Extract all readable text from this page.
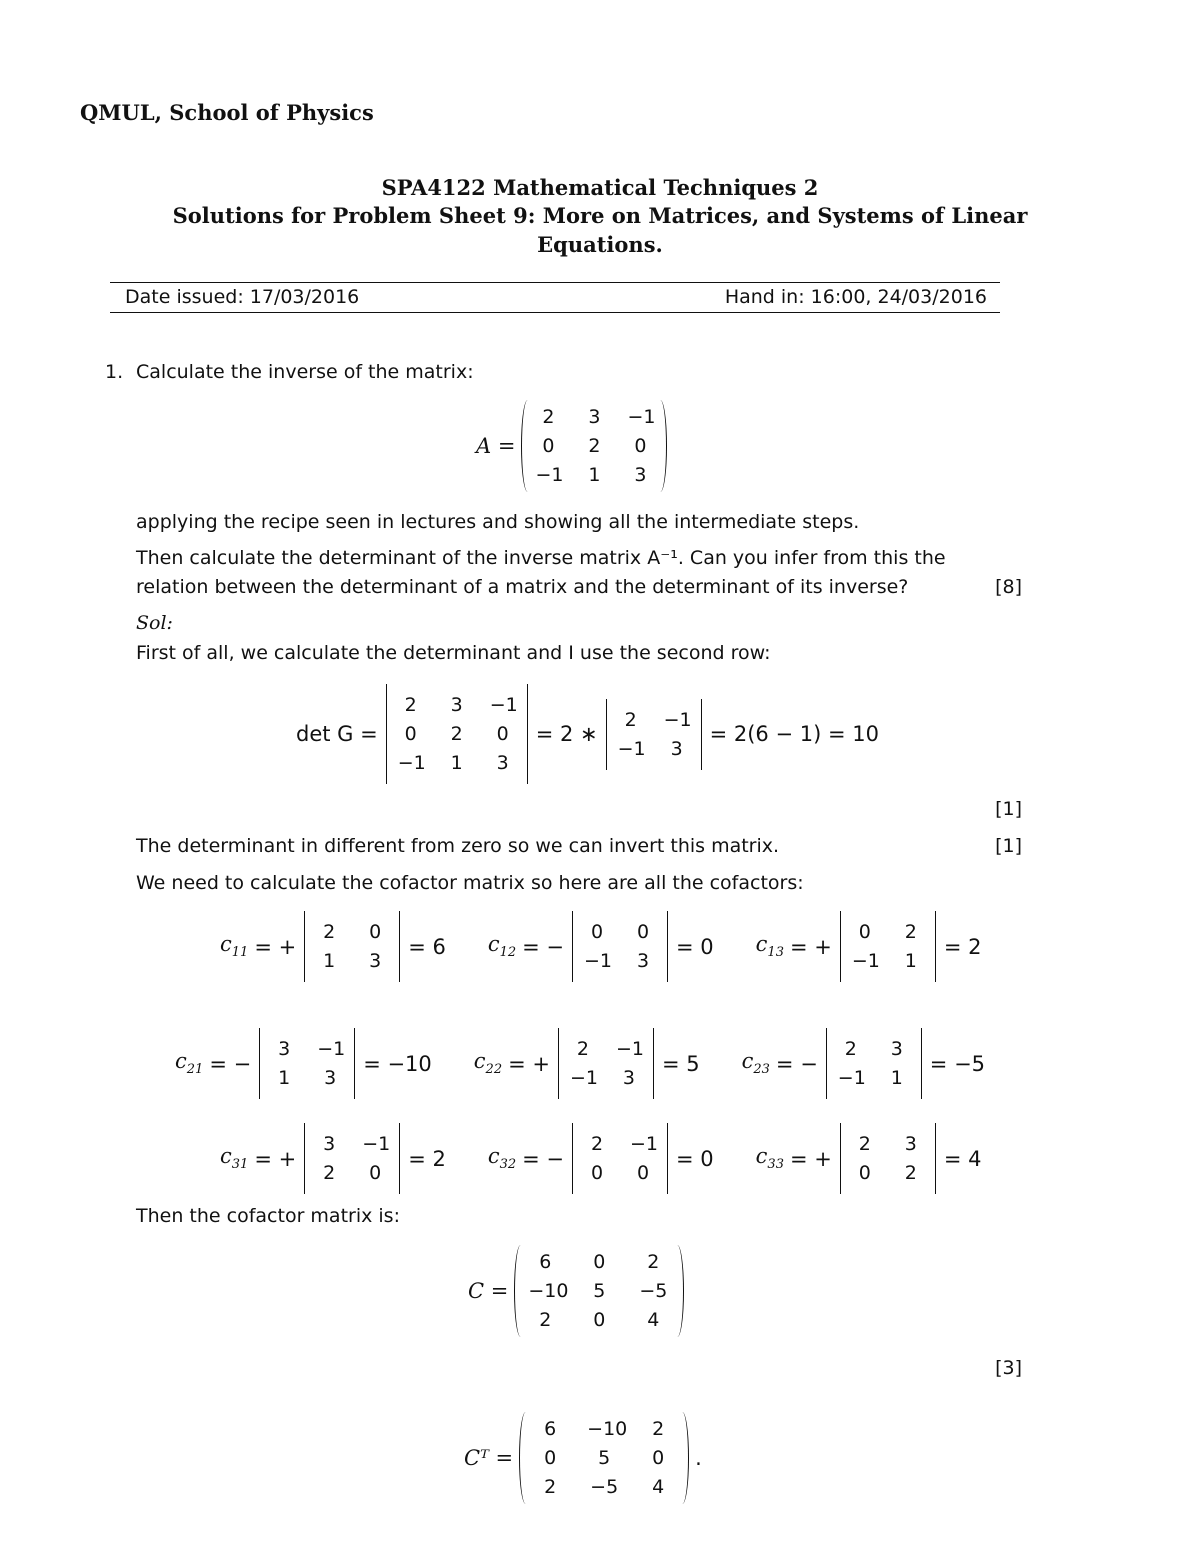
QMUL, School of Physics
SPA4122 Mathematical Techniques 2
Solutions for Problem Sheet 9: More on Matrices, and Systems of Linear
Equations.
Date issued: 17/03/2016	Hand in: 16:00, 24/03/2016
1. Calculate the inverse of the matrix:
A =
2	3	−1
0	2	0
−1	1	3
applying the recipe seen in lectures and showing all the intermediate steps.
Then calculate the determinant of the inverse matrix A⁻¹. Can you infer from this the
relation between the determinant of a matrix and the determinant of its inverse?	[8]
Sol:
First of all, we calculate the determinant and I use the second row:
det G =
2	3	−1
0	2	0
−1	1	3
= 2 ∗
2	−1
−1	3
= 2(6 − 1) = 10
[1]
The determinant in different from zero so we can invert this matrix.	[1]
We need to calculate the cofactor matrix so here are all the cofactors:
$c_{11}$ = +
2	0
1	3
= 6 $c_{12}$ = −
0	0
−1	3
= 0 $c_{13}$ = +
0	2
−1	1
= 2
$c_{21}$ = −
3	−1
1	3
= −10 $c_{22}$ = +
2	−1
−1	3
= 5 $c_{23}$ = −
2	3
−1	1
= −5
$c_{31}$ = +
3	−1
2	0
= 2 $c_{32}$ = −
2	−1
0	0
= 0 $c_{33}$ = +
2	3
0	2
= 4
Then the cofactor matrix is:
C =
6	0	2
−10	5	−5
2	0	4
[3]
Cᵀ =
6	−10	2
0	5	0
2	−5	4
.
